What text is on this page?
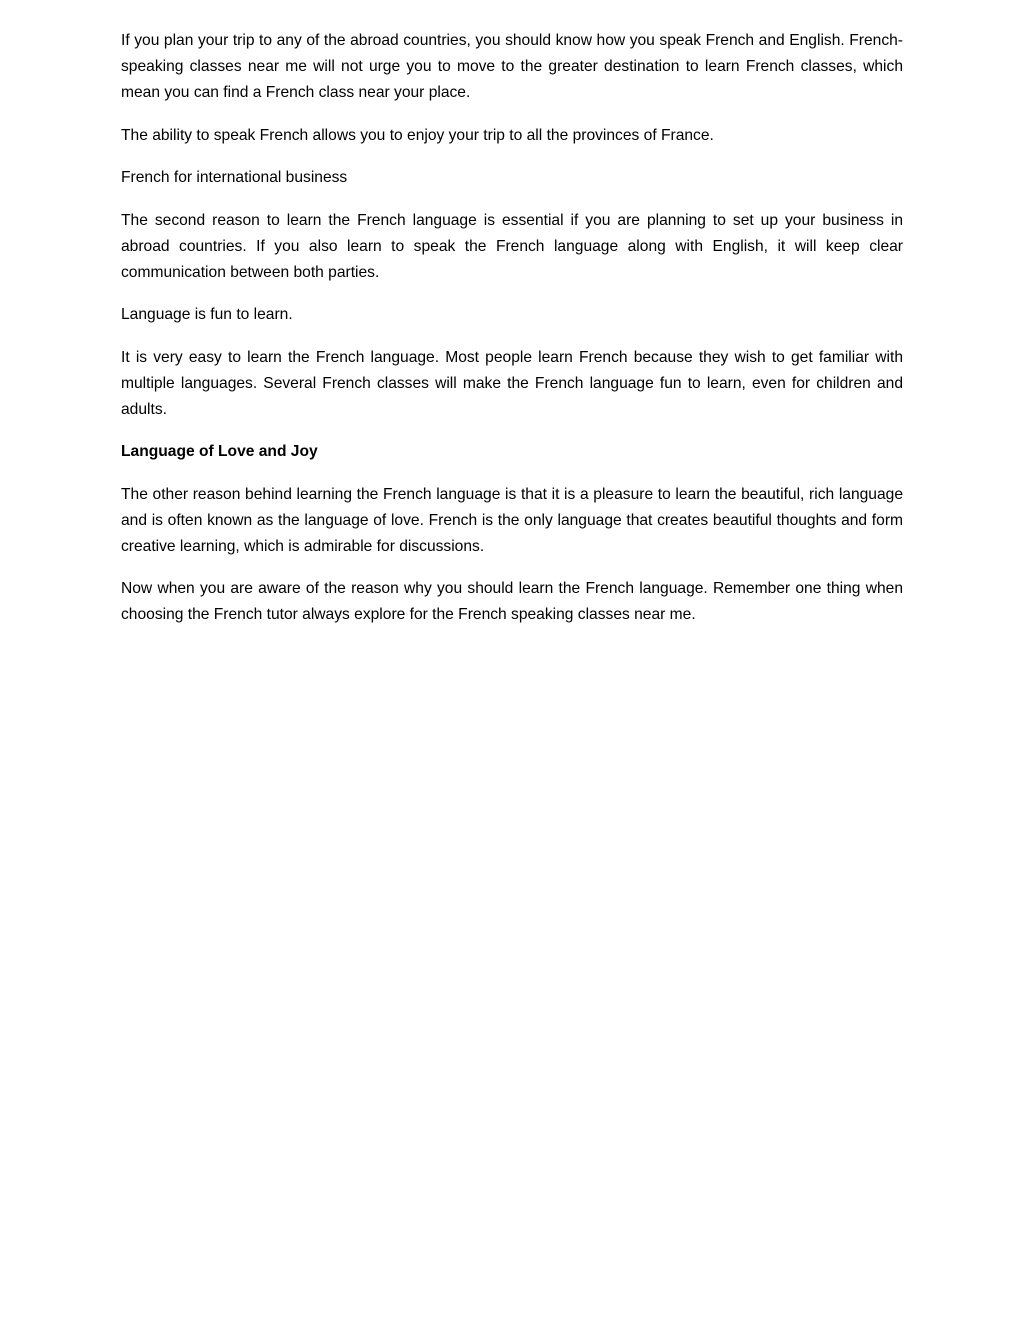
If you plan your trip to any of the abroad countries, you should know how you speak French and English. French-speaking classes near me will not urge you to move to the greater destination to learn French classes, which mean you can find a French class near your place.

The ability to speak French allows you to enjoy your trip to all the provinces of France.

French for international business

The second reason to learn the French language is essential if you are planning to set up your business in abroad countries. If you also learn to speak the French language along with English, it will keep clear communication between both parties.

Language is fun to learn.

It is very easy to learn the French language. Most people learn French because they wish to get familiar with multiple languages. Several French classes will make the French language fun to learn, even for children and adults.

Language of Love and Joy

The other reason behind learning the French language is that it is a pleasure to learn the beautiful, rich language and is often known as the language of love. French is the only language that creates beautiful thoughts and form creative learning, which is admirable for discussions.

Now when you are aware of the reason why you should learn the French language. Remember one thing when choosing the French tutor always explore for the French speaking classes near me.
